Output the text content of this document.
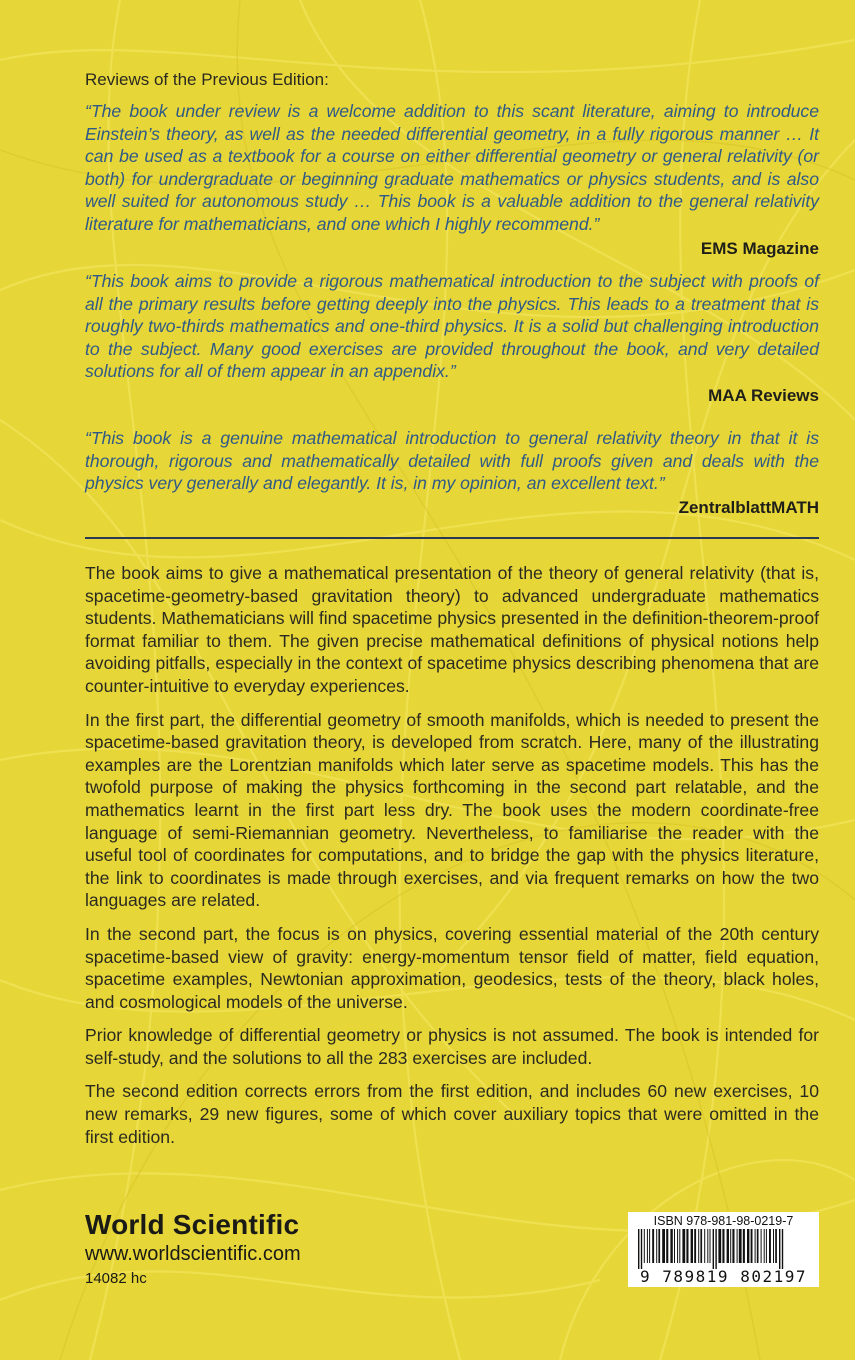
Reviews of the Previous Edition:

“The book under review is a welcome addition to this scant literature, aiming to introduce Einstein’s theory, as well as the needed differential geometry, in a fully rigorous manner … It can be used as a textbook for a course on either differential geometry or general relativity (or both) for undergraduate or beginning graduate mathematics or physics students, and is also well suited for autonomous study … This book is a valuable addition to the general relativity literature for mathematicians, and one which I highly recommend.”

EMS Magazine

“This book aims to provide a rigorous mathematical introduction to the subject with proofs of all the primary results before getting deeply into the physics. This leads to a treatment that is roughly two-thirds mathematics and one-third physics. It is a solid but challenging introduction to the subject. Many good exercises are provided throughout the book, and very detailed solutions for all of them appear in an appendix.”

MAA Reviews

“This book is a genuine mathematical introduction to general relativity theory in that it is thorough, rigorous and mathematically detailed with full proofs given and deals with the physics very generally and elegantly. It is, in my opinion, an excellent text.”

ZentralblattMATH

The book aims to give a mathematical presentation of the theory of general relativity (that is, spacetime-geometry-based gravitation theory) to advanced undergraduate mathematics students. Mathematicians will find spacetime physics presented in the definition-theorem-proof format familiar to them. The given precise mathematical definitions of physical notions help avoiding pitfalls, especially in the context of spacetime physics describing phenomena that are counter-intuitive to everyday experiences.

In the first part, the differential geometry of smooth manifolds, which is needed to present the spacetime-based gravitation theory, is developed from scratch. Here, many of the illustrating examples are the Lorentzian manifolds which later serve as spacetime models. This has the twofold purpose of making the physics forthcoming in the second part relatable, and the mathematics learnt in the first part less dry. The book uses the modern coordinate-free language of semi-Riemannian geometry. Nevertheless, to familiarise the reader with the useful tool of coordinates for computations, and to bridge the gap with the physics literature, the link to coordinates is made through exercises, and via frequent remarks on how the two languages are related.

In the second part, the focus is on physics, covering essential material of the 20th century spacetime-based view of gravity: energy-momentum tensor field of matter, field equation, spacetime examples, Newtonian approximation, geodesics, tests of the theory, black holes, and cosmological models of the universe.

Prior knowledge of differential geometry or physics is not assumed. The book is intended for self-study, and the solutions to all the 283 exercises are included.

The second edition corrects errors from the first edition, and includes 60 new exercises, 10 new remarks, 29 new figures, some of which cover auxiliary topics that were omitted in the first edition.

World Scientific
www.worldscientific.com
14082 hc
ISBN 978-981-98-0219-7
9 789819 802197
